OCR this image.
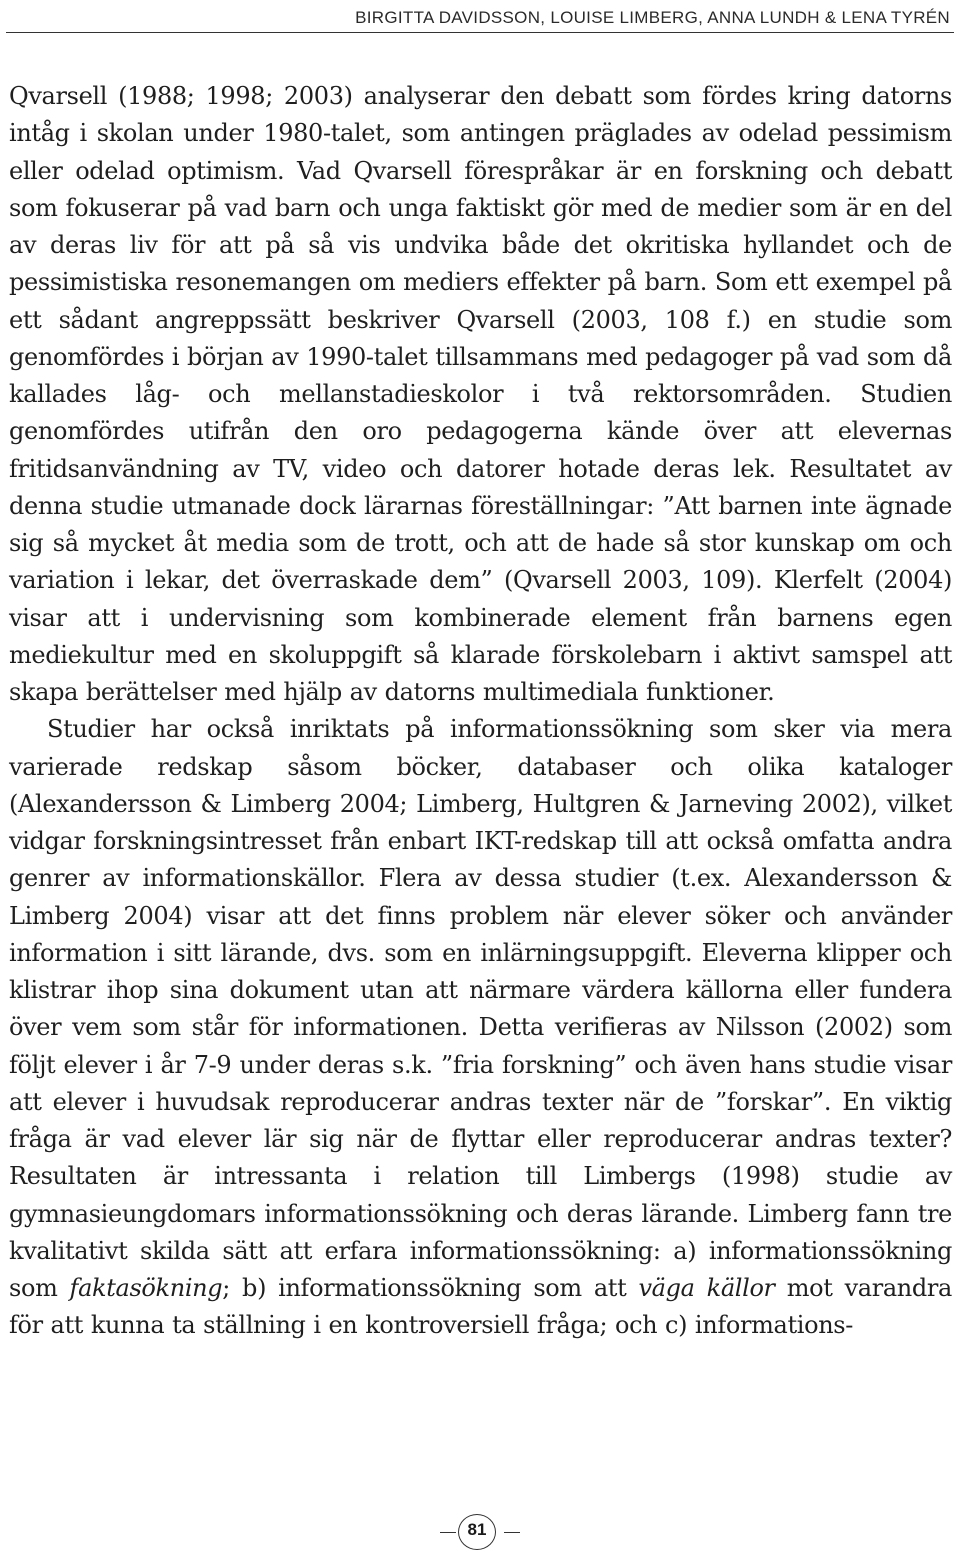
BIRGITTA DAVIDSSON, LOUISE LIMBERG, ANNA LUNDH & LENA TYRÉN

Qvarsell (1988; 1998; 2003) analyserar den debatt som fördes kring datorns intåg i skolan under 1980-talet, som antingen präglades av odelad pessimism eller odelad optimism. Vad Qvarsell förespråkar är en forskning och debatt som fokuserar på vad barn och unga faktiskt gör med de medier som är en del av deras liv för att på så vis undvika både det okritiska hyllandet och de pessimistiska resonemangen om mediers effekter på barn. Som ett exempel på ett sådant angreppssätt beskriver Qvarsell (2003, 108 f.) en studie som genomfördes i början av 1990-talet tillsammans med pedagoger på vad som då kallades låg- och mellanstadieskolor i två rektorsområden. Studien genomfördes utifrån den oro pedagogerna kände över att elevernas fritidsanvändning av TV, video och datorer hotade deras lek. Resultatet av denna studie utmanade dock lärarnas föreställningar: ”Att barnen inte ägnade sig så mycket åt media som de trott, och att de hade så stor kunskap om och variation i lekar, det överraskade dem” (Qvarsell 2003, 109). Klerfelt (2004) visar att i undervisning som kombinerade element från barnens egen mediekultur med en skoluppgift så klarade förskolebarn i aktivt samspel att skapa berättelser med hjälp av datorns multimediala funktioner.

Studier har också inriktats på informationssökning som sker via mera varierade redskap såsom böcker, databaser och olika kataloger (Alexandersson & Limberg 2004; Limberg, Hultgren & Jarneving 2002), vilket vidgar forskningsintresset från enbart IKT-redskap till att också omfatta andra genrer av informationskällor. Flera av dessa studier (t.ex. Alexandersson & Limberg 2004) visar att det finns problem när elever söker och använder information i sitt lärande, dvs. som en inlärningsuppgift. Eleverna klipper och klistrar ihop sina dokument utan att närmare värdera källorna eller fundera över vem som står för informationen. Detta verifieras av Nilsson (2002) som följt elever i år 7-9 under deras s.k. ”fria forskning” och även hans studie visar att elever i huvudsak reproducerar andras texter när de ”forskar”. En viktig fråga är vad elever lär sig när de flyttar eller reproducerar andras texter? Resultaten är intressanta i relation till Limbergs (1998) studie av gymnasieungdomars informationssökning och deras lärande. Limberg fann tre kvalitativt skilda sätt att erfara informationssökning: a) informationssökning som faktasökning; b) informationssökning som att väga källor mot varandra för att kunna ta ställning i en kontroversiell fråga; och c) informations-

81
